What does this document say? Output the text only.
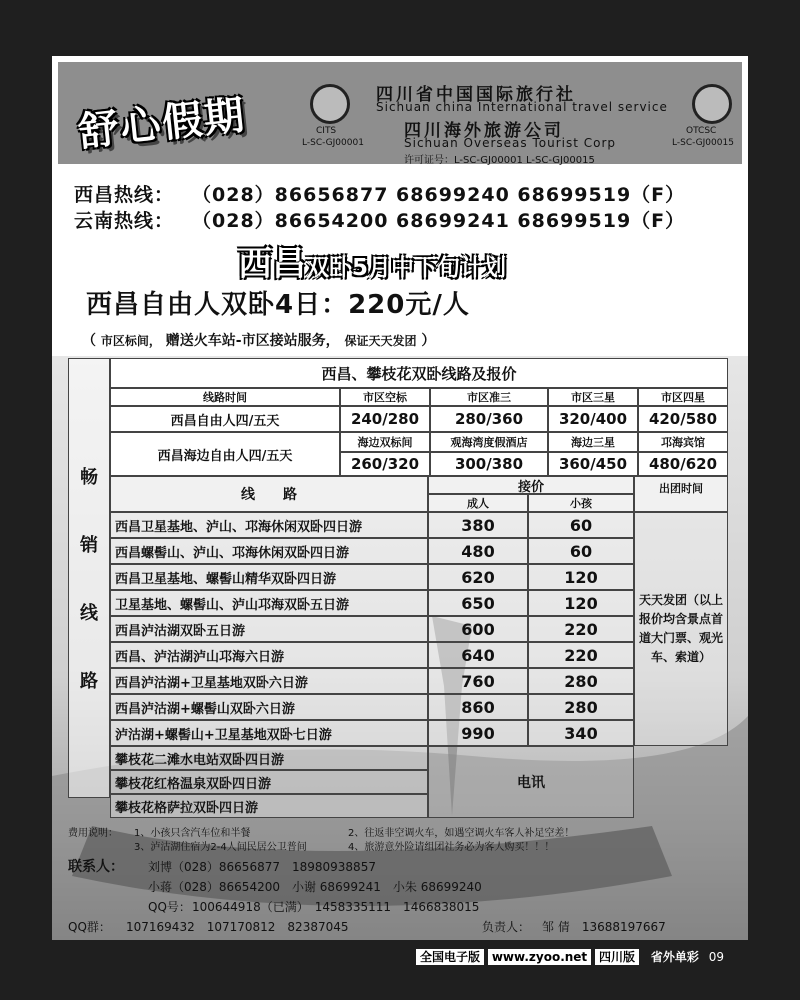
舒心假期	CITS
L-SC-GJ00001
四川省中国国际旅行社
Sichuan china International travel service
四川海外旅游公司
Sichuan Overseas Tourist Corp
许可证号：L-SC-GJ00001 L-SC-GJ00015
OTCSC
L-SC-GJ00015
西昌热线： （028）86656877 68699240 68699519（F）
云南热线： （028）86654200 68699241 68699519（F）
西昌双卧5月中下旬计划
西昌自由人双卧4日：220元/人
（ 市区标间， 赠送火车站-市区接站服务， 保证天天发团 ）
畅
销
线
路
西昌、攀枝花双卧线路及报价
线路时间	市区空标	市区准三	市区三星	市区四星
西昌自由人四/五天	240/280	280/360	320/400	420/580
西昌海边自由人四/五天
海边双标间	观海湾度假酒店	海边三星	邛海宾馆
260/320	300/380	360/450	480/620
线　　路	接价
成人	小孩
出团时间
天天发团（以上报价均含景点首道大门票、观光车、索道）
攀枝花二滩水电站双卧四日游
攀枝花红格温泉双卧四日游
攀枝花格萨拉双卧四日游
电讯
费用说明： 1、小孩只含汽车位和半餐	2、往返非空调火车，如遇空调火车客人补足空差！
3、泸沽湖住宿为2-4人间民居公卫普间	4、旅游意外险请组团社务必为客人购买！！！
联系人： 刘博（028）86656877　18980938857
小蒋（028）86654200　小谢 68699241　小朱 68699240
QQ号： 100644918（已满）　1458335111　1466838015
QQ群： 107169432　107170812　82387045	负责人： 邹 倩　13688197667
全国电子版 www.zyoo.net 四川版 省外单彩 09
西昌卫星基地、泸山、邛海休闲双卧四日游	380	60
西昌螺髻山、泸山、邛海休闲双卧四日游	480	60
西昌卫星基地、螺髻山精华双卧四日游	620	120
卫星基地、螺髻山、泸山邛海双卧五日游	650	120
西昌泸沽湖双卧五日游	600	220
西昌、泸沽湖泸山邛海六日游	640	220
西昌泸沽湖+卫星基地双卧六日游	760	280
西昌泸沽湖+螺髻山双卧六日游	860	280
泸沽湖+螺髻山+卫星基地双卧七日游	990	340
